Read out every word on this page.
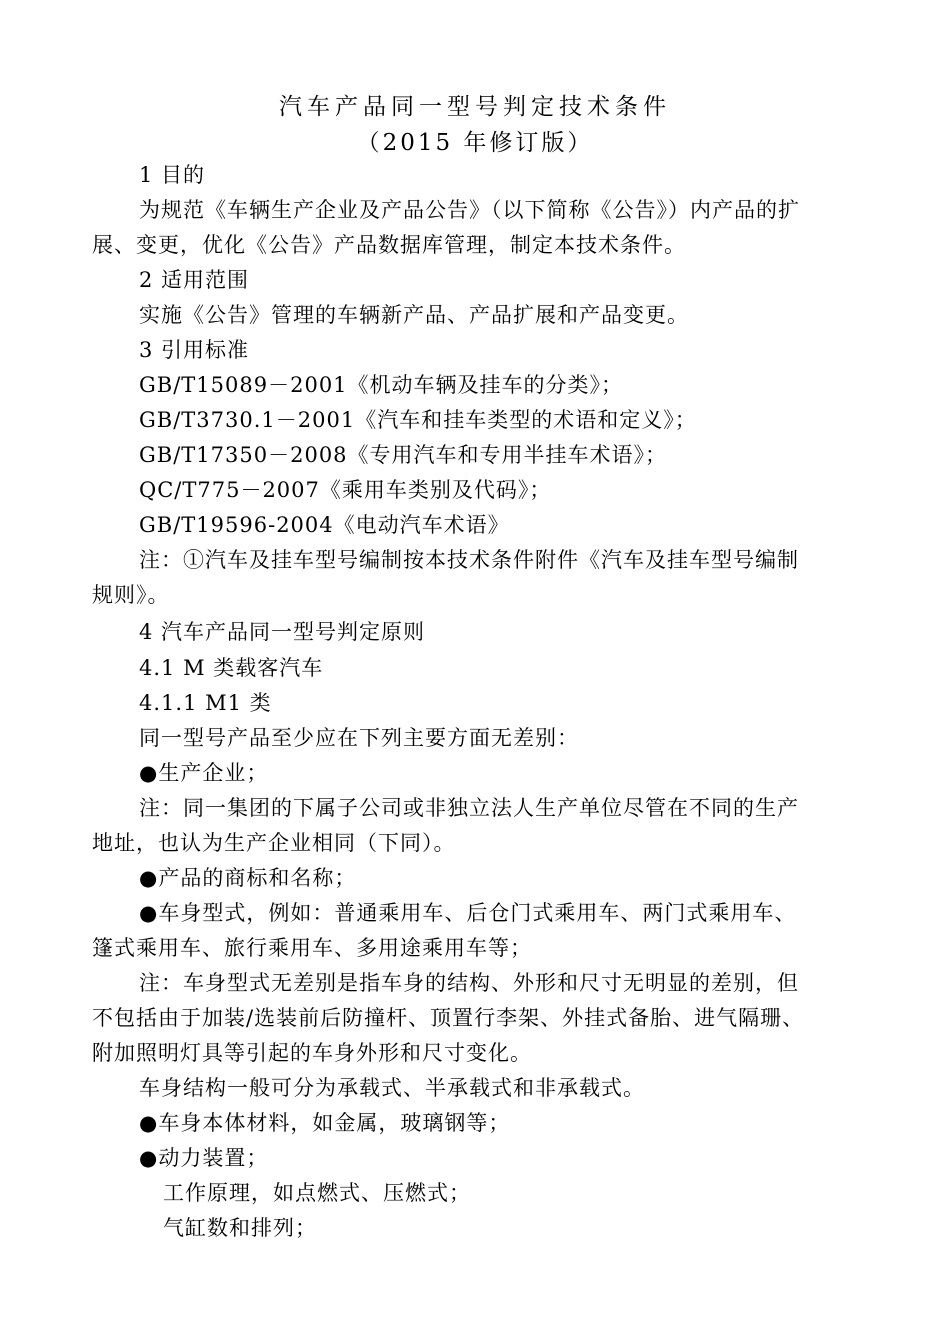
汽车产品同一型号判定技术条件
（2015 年修订版）
1 目的
为规范《车辆生产企业及产品公告》（以下简称《公告》）内产品的扩
展、变更，优化《公告》产品数据库管理，制定本技术条件。
2 适用范围
实施《公告》管理的车辆新产品、产品扩展和产品变更。
3 引用标准
GB/T15089－2001《机动车辆及挂车的分类》；
GB/T3730.1－2001《汽车和挂车类型的术语和定义》；
GB/T17350－2008《专用汽车和专用半挂车术语》；
QC/T775－2007《乘用车类别及代码》；
GB/T19596-2004《电动汽车术语》
注：①汽车及挂车型号编制按本技术条件附件《汽车及挂车型号编制
规则》。
4 汽车产品同一型号判定原则
4.1 M 类载客汽车
4.1.1 M1 类
同一型号产品至少应在下列主要方面无差别：
●生产企业；
注：同一集团的下属子公司或非独立法人生产单位尽管在不同的生产
地址，也认为生产企业相同（下同）。
●产品的商标和名称；
●车身型式，例如：普通乘用车、后仓门式乘用车、两门式乘用车、
篷式乘用车、旅行乘用车、多用途乘用车等；
注：车身型式无差别是指车身的结构、外形和尺寸无明显的差别，但
不包括由于加装/选装前后防撞杆、顶置行李架、外挂式备胎、进气隔珊、
附加照明灯具等引起的车身外形和尺寸变化。
车身结构一般可分为承载式、半承载式和非承载式。
●车身本体材料，如金属，玻璃钢等；
●动力装置；
工作原理，如点燃式、压燃式；
气缸数和排列；
